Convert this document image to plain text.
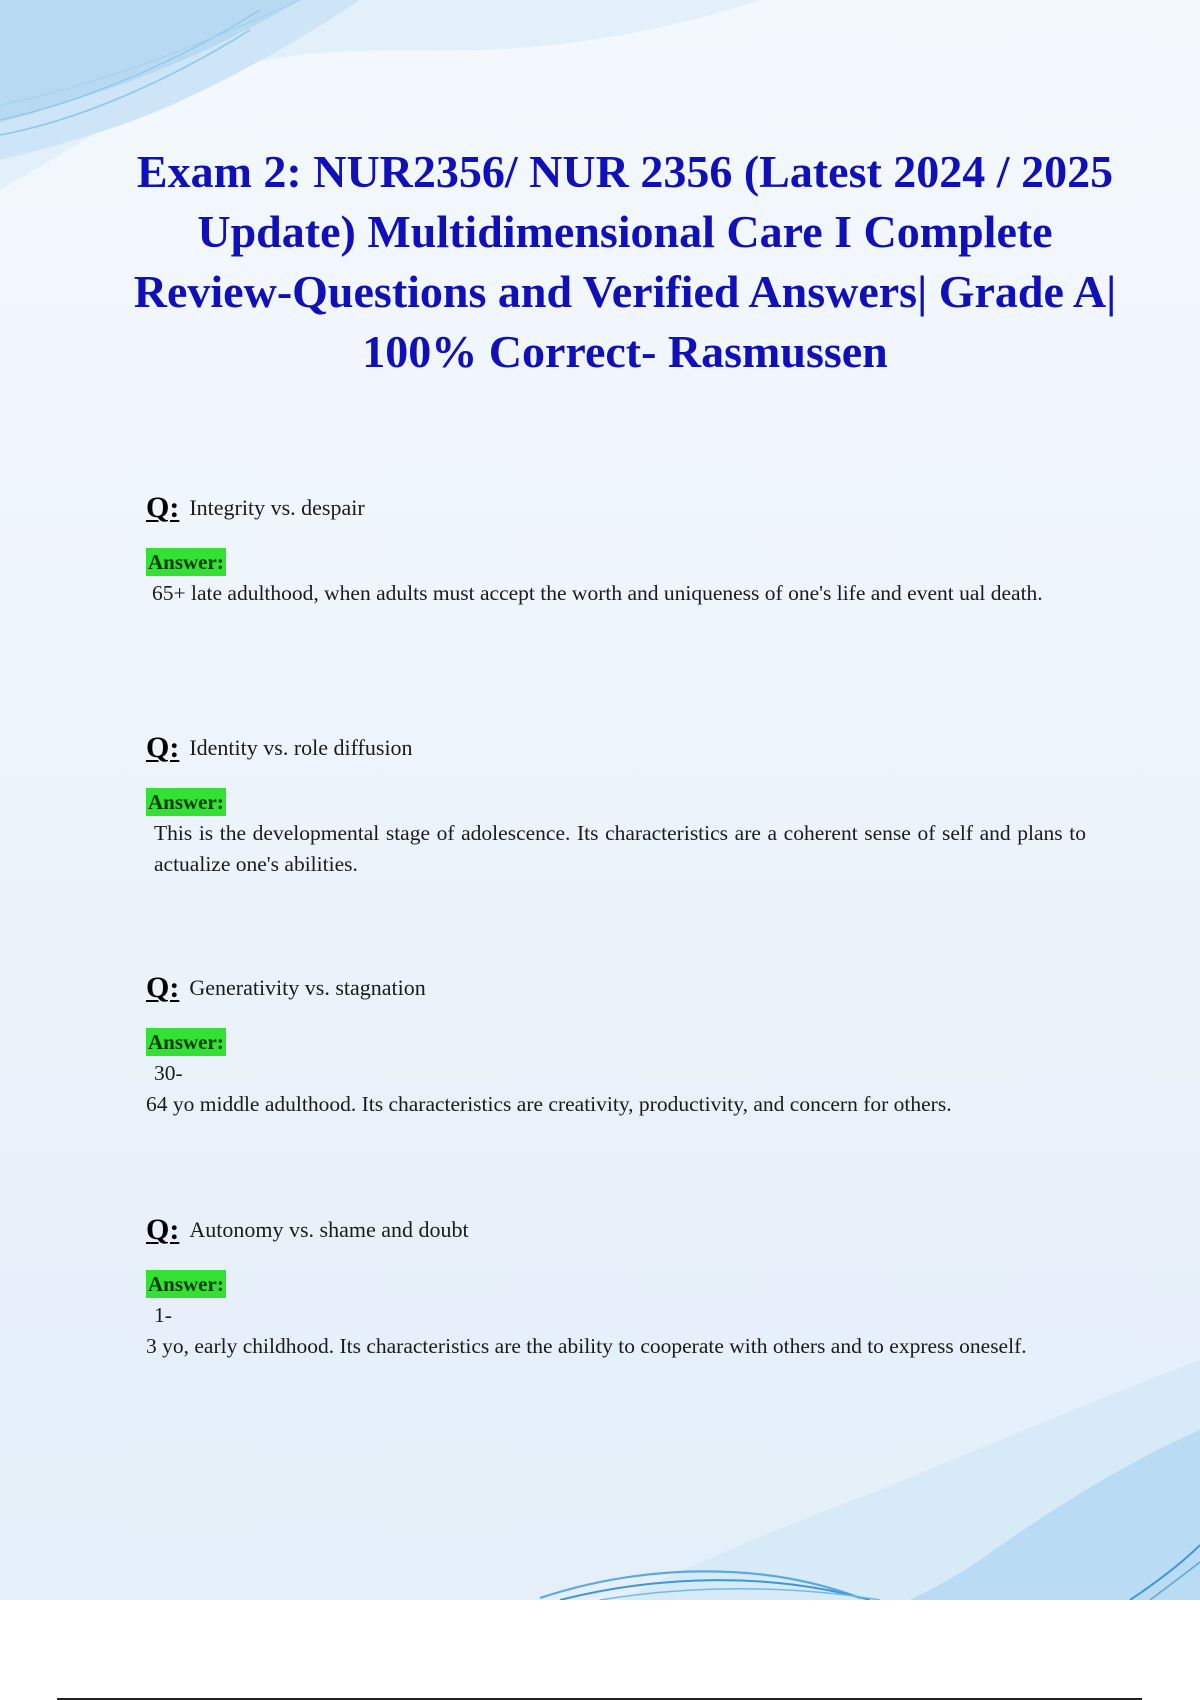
Exam 2: NUR2356/ NUR 2356 (Latest 2024 / 2025 Update) Multidimensional Care I Complete Review-Questions and Verified Answers| Grade A| 100% Correct- Rasmussen
Q: Integrity vs. despair
Answer:
65+ late adulthood, when adults must accept the worth and uniqueness of one's life and event ual death.
Q: Identity vs. role diffusion
Answer:
This is the developmental stage of adolescence. Its characteristics are a coherent sense of self and plans to actualize one's abilities.
Q: Generativity vs. stagnation
Answer:
30-
64 yo middle adulthood. Its characteristics are creativity, productivity, and concern for others.
Q: Autonomy vs. shame and doubt
Answer:
1-
3 yo, early childhood. Its characteristics are the ability to cooperate with others and to express oneself.
